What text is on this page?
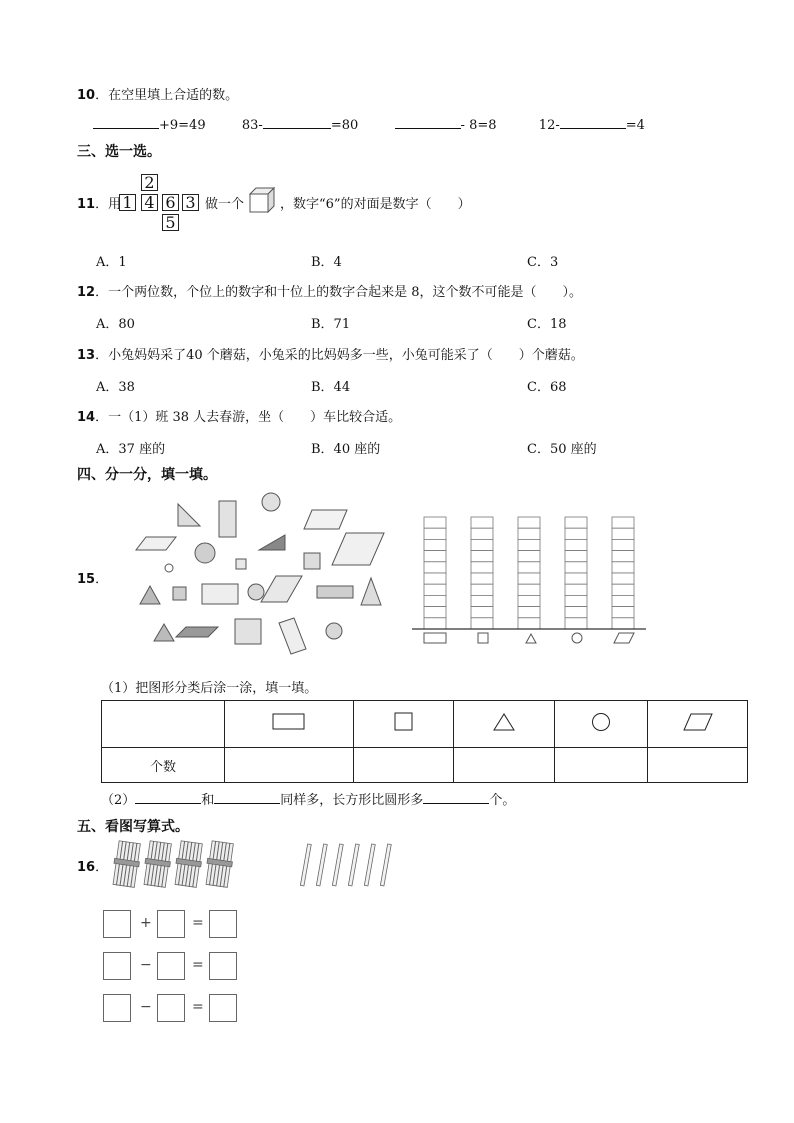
10．在空里填上合适的数。
+9=49	83-	=80	- 8=8	12-	=4
三、选一选。
11．用
2
1 4 6 3
5
做一个	，数字“6”的对面是数字（　　）
A．1	B．4	C．3
12．一个两位数，个位上的数字和十位上的数字合起来是 8，这个数不可能是（　　）。
A．80	B．71	C．18
13．小兔妈妈采了40 个蘑菇，小兔采的比妈妈多一些，小兔可能采了（　　）个蘑菇。
A．38	B．44	C．68
14．一（1）班 38 人去春游，坐（　　）车比较合适。
A．37 座的	B．40 座的	C．50 座的
四、分一分，填一填。
15．
（1）把图形分类后涂一涂，填一填。

个数					
（2）	和	同样多，长方形比圆形多	个。
五、看图写算式。
16．
+	=
−	=
−	=
